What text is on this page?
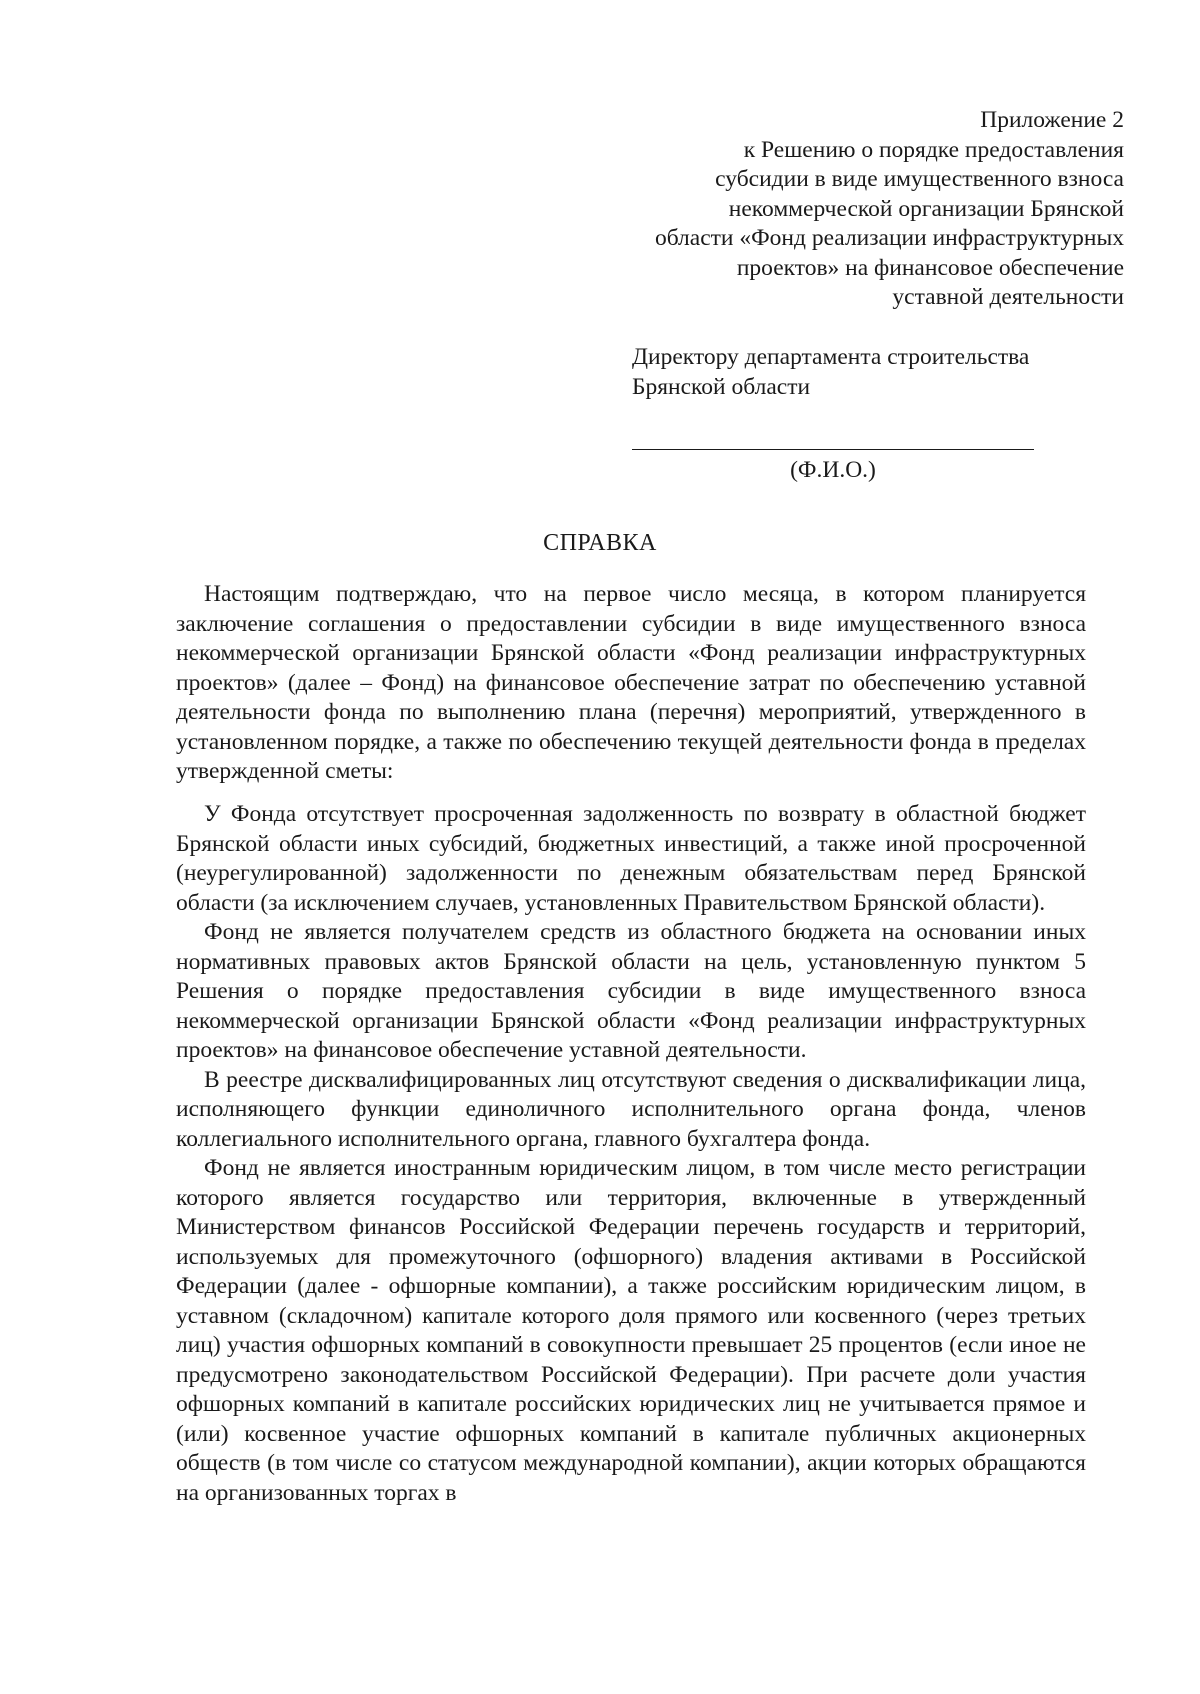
Приложение 2
к Решению о порядке предоставления
субсидии в виде имущественного взноса
некоммерческой организации Брянской
области «Фонд реализации инфраструктурных
проектов» на финансовое обеспечение
уставной деятельности
Директору департамента строительства
Брянской области
(Ф.И.О.)
СПРАВКА

Настоящим подтверждаю, что на первое число месяца, в котором планируется заключение соглашения о предоставлении субсидии в виде имущественного взноса некоммерческой организации Брянской области «Фонд реализации инфраструктурных проектов» (далее – Фонд) на финансовое обеспечение затрат по обеспечению уставной деятельности фонда по выполнению плана (перечня) мероприятий, утвержденного в установленном порядке, а также по обеспечению текущей деятельности фонда в пределах утвержденной сметы:

У Фонда отсутствует просроченная задолженность по возврату в областной бюджет Брянской области иных субсидий, бюджетных инвестиций, а также иной просроченной (неурегулированной) задолженности по денежным обязательствам перед Брянской области (за исключением случаев, установленных Правительством Брянской области).

Фонд не является получателем средств из областного бюджета на основании иных нормативных правовых актов Брянской области на цель, установленную пунктом 5 Решения о порядке предоставления субсидии в виде имущественного взноса некоммерческой организации Брянской области «Фонд реализации инфраструктурных проектов» на финансовое обеспечение уставной деятельности.

В реестре дисквалифицированных лиц отсутствуют сведения о дисквалификации лица, исполняющего функции единоличного исполнительного органа фонда, членов коллегиального исполнительного органа, главного бухгалтера фонда.

Фонд не является иностранным юридическим лицом, в том числе место регистрации которого является государство или территория, включенные в утвержденный Министерством финансов Российской Федерации перечень государств и территорий, используемых для промежуточного (офшорного) владения активами в Российской Федерации (далее - офшорные компании), а также российским юридическим лицом, в уставном (складочном) капитале которого доля прямого или косвенного (через третьих лиц) участия офшорных компаний в совокупности превышает 25 процентов (если иное не предусмотрено законодательством Российской Федерации). При расчете доли участия офшорных компаний в капитале российских юридических лиц не учитывается прямое и (или) косвенное участие офшорных компаний в капитале публичных акционерных обществ (в том числе со статусом международной компании), акции которых обращаются на организованных торгах в
